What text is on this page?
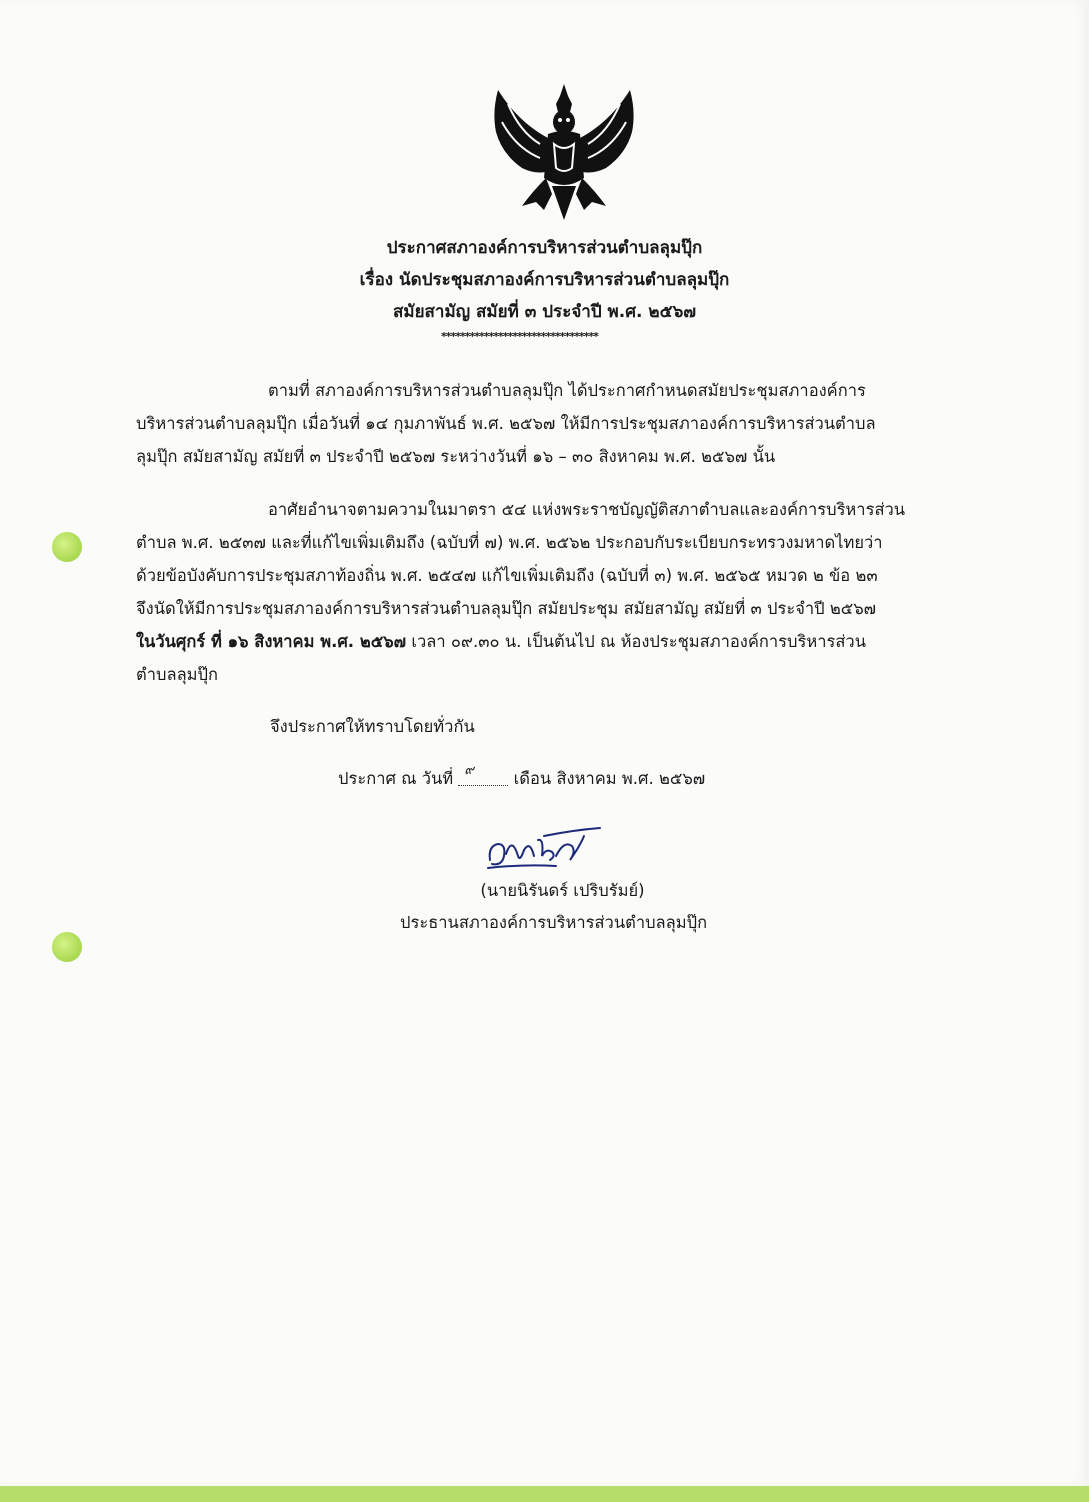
ประกาศสภาองค์การบริหารส่วนตำบลลุมปุ๊ก
เรื่อง นัดประชุมสภาองค์การบริหารส่วนตำบลลุมปุ๊ก
สมัยสามัญ สมัยที่ ๓ ประจำปี พ.ศ. ๒๕๖๗
*********************************
ตามที่ สภาองค์การบริหารส่วนตำบลลุมปุ๊ก ได้ประกาศกำหนดสมัยประชุมสภาองค์การ
บริหารส่วนตำบลลุมปุ๊ก เมื่อวันที่ ๑๔ กุมภาพันธ์ พ.ศ. ๒๕๖๗ ให้มีการประชุมสภาองค์การบริหารส่วนตำบล
ลุมปุ๊ก สมัยสามัญ สมัยที่ ๓ ประจำปี ๒๕๖๗ ระหว่างวันที่ ๑๖ – ๓๐ สิงหาคม พ.ศ. ๒๕๖๗ นั้น
อาศัยอำนาจตามความในมาตรา ๕๔ แห่งพระราชบัญญัติสภาตำบลและองค์การบริหารส่วน
ตำบล พ.ศ. ๒๕๓๗ และที่แก้ไขเพิ่มเติมถึง (ฉบับที่ ๗) พ.ศ. ๒๕๖๒ ประกอบกับระเบียบกระทรวงมหาดไทยว่า
ด้วยข้อบังคับการประชุมสภาท้องถิ่น พ.ศ. ๒๕๔๗ แก้ไขเพิ่มเติมถึง (ฉบับที่ ๓) พ.ศ. ๒๕๖๕ หมวด ๒ ข้อ ๒๓
จึงนัดให้มีการประชุมสภาองค์การบริหารส่วนตำบลลุมปุ๊ก สมัยประชุม สมัยสามัญ สมัยที่ ๓ ประจำปี ๒๕๖๗
ในวันศุกร์ ที่ ๑๖ สิงหาคม พ.ศ. ๒๕๖๗ เวลา ๐๙.๓๐ น. เป็นต้นไป ณ ห้องประชุมสภาองค์การบริหารส่วน
ตำบลลุมปุ๊ก
จึงประกาศให้ทราบโดยทั่วกัน
ประกาศ ณ วันที่ ๙ เดือน สิงหาคม พ.ศ. ๒๕๖๗
(นายนิรันดร์ เปริบรัมย์)
ประธานสภาองค์การบริหารส่วนตำบลลุมปุ๊ก
